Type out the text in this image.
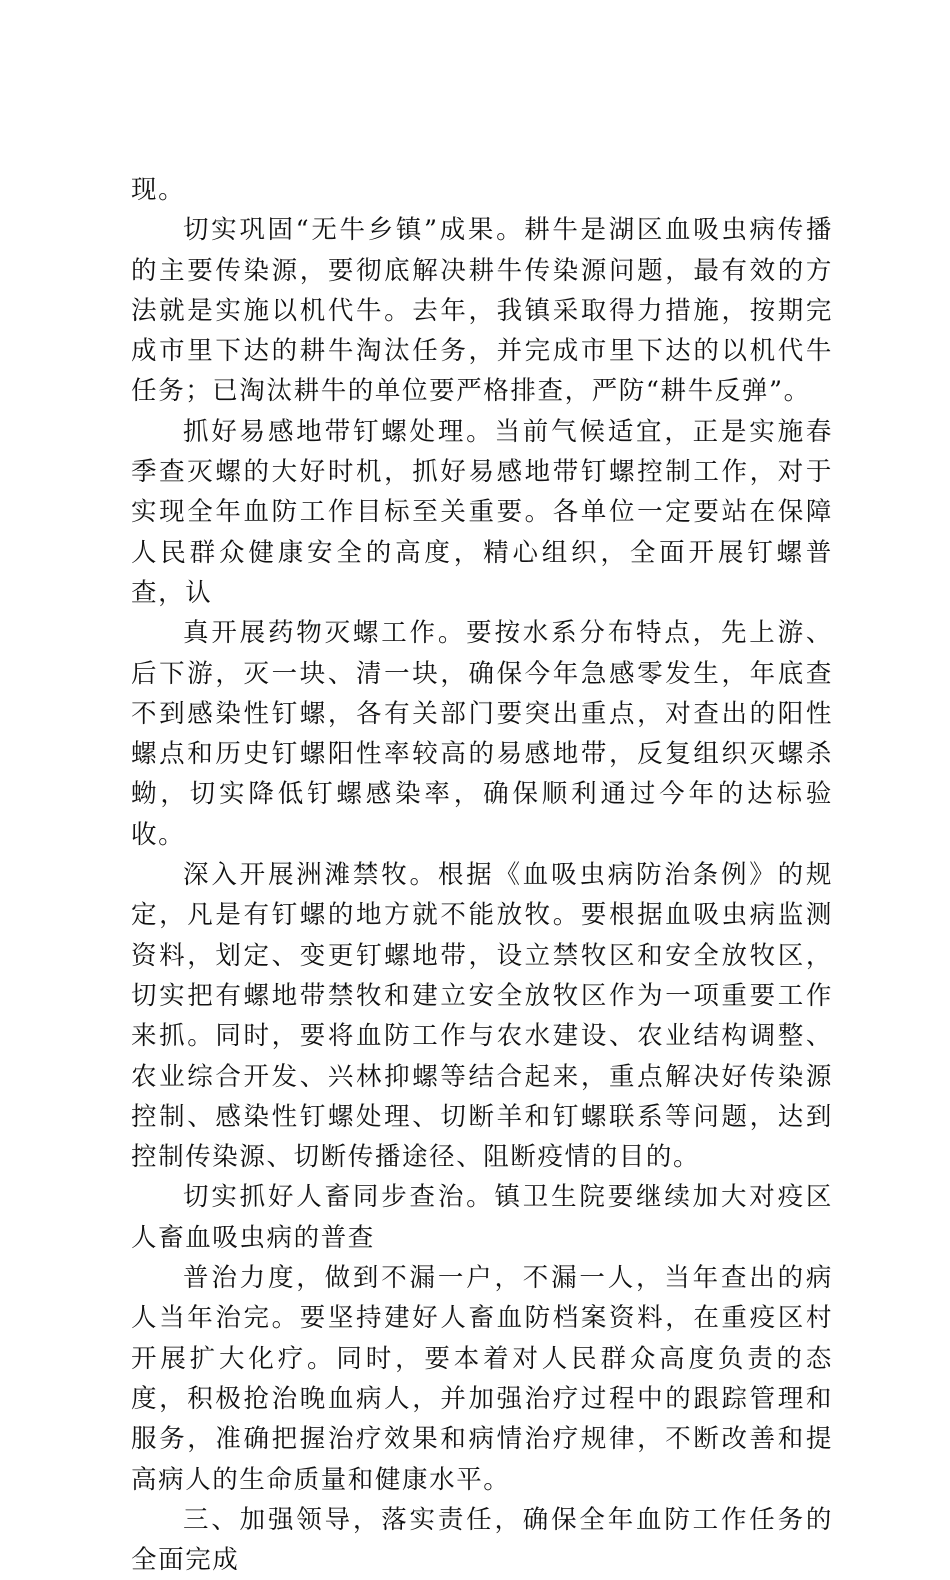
现。

切实巩固“无牛乡镇”成果。耕牛是湖区血吸虫病传播的主要传染源，要彻底解决耕牛传染源问题，最有效的方法就是实施以机代牛。去年，我镇采取得力措施，按期完成市里下达的耕牛淘汰任务，并完成市里下达的以机代牛任务；已淘汰耕牛的单位要严格排查，严防“耕牛反弹”。

抓好易感地带钉螺处理。当前气候适宜，正是实施春季查灭螺的大好时机，抓好易感地带钉螺控制工作，对于实现全年血防工作目标至关重要。各单位一定要站在保障人民群众健康安全的高度，精心组织，全面开展钉螺普查，认

真开展药物灭螺工作。要按水系分布特点，先上游、后下游，灭一块、清一块，确保今年急感零发生，年底查不到感染性钉螺，各有关部门要突出重点，对查出的阳性螺点和历史钉螺阳性率较高的易感地带，反复组织灭螺杀蚴，切实降低钉螺感染率，确保顺利通过今年的达标验收。

深入开展洲滩禁牧。根据《血吸虫病防治条例》的规定，凡是有钉螺的地方就不能放牧。要根据血吸虫病监测资料，划定、变更钉螺地带，设立禁牧区和安全放牧区，切实把有螺地带禁牧和建立安全放牧区作为一项重要工作来抓。同时，要将血防工作与农水建设、农业结构调整、农业综合开发、兴林抑螺等结合起来，重点解决好传染源控制、感染性钉螺处理、切断羊和钉螺联系等问题，达到控制传染源、切断传播途径、阻断疫情的目的。

切实抓好人畜同步查治。镇卫生院要继续加大对疫区人畜血吸虫病的普查

普治力度，做到不漏一户，不漏一人，当年查出的病人当年治完。要坚持建好人畜血防档案资料，在重疫区村开展扩大化疗。同时，要本着对人民群众高度负责的态度，积极抢治晚血病人，并加强治疗过程中的跟踪管理和服务，准确把握治疗效果和病情治疗规律，不断改善和提高病人的生命质量和健康水平。

三、加强领导，落实责任，确保全年血防工作任务的全面完成
